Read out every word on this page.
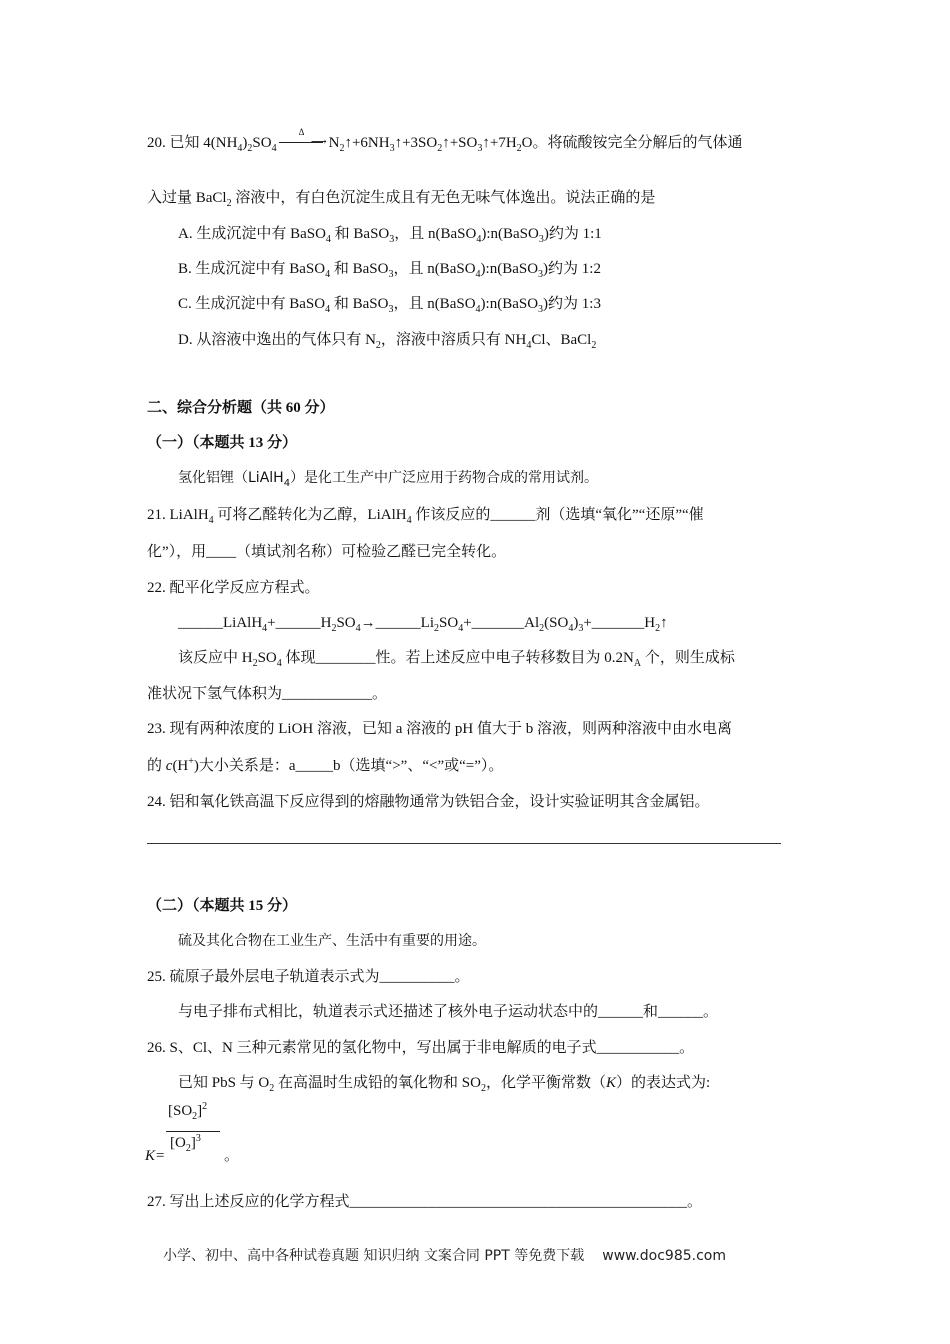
20. 已知 $4(NH_4)_2SO_4$
Δ
⟶ $N_2↑+6NH_3↑+3SO_2↑+SO_3↑+7H_2O$。将硫酸铵完全分解后的气体通
入过量 BaCl$_2$ 溶液中，有白色沉淀生成且有无色无味气体逸出。说法正确的是
A. 生成沉淀中有 BaSO$_4$ 和 BaSO$_3$，且 n(BaSO$_4$):n(BaSO$_3$)约为 1:1
B. 生成沉淀中有 BaSO$_4$ 和 BaSO$_3$，且 n(BaSO$_4$):n(BaSO$_3$)约为 1:2
C. 生成沉淀中有 BaSO$_4$ 和 BaSO$_3$，且 n(BaSO$_4$):n(BaSO$_3$)约为 1:3
D. 从溶液中逸出的气体只有 $N_2$，溶液中溶质只有 $NH_4Cl$、BaCl$_2$
二、综合分析题（共 60 分）
（一）（本题共 13 分）
氢化铝锂（LiAlH$_4$）是化工生产中广泛应用于药物合成的常用试剂。
21. LiAlH$_4$ 可将乙醛转化为乙醇，LiAlH$_4$ 作该反应的______剂（选填“氧化”“还原”“催
化”），用____（填试剂名称）可检验乙醛已完全转化。
22. 配平化学反应方程式。
$\_\_\_\_\_\_LiAlH_4+\_\_\_\_\_\_H_2SO_4\to\_\_\_\_\_\_Li_2SO_4+\_\_\_\_\_\_\_Al_2(SO_4)_3+\_\_\_\_\_\_\_H_2↑$
该反应中 $H_2SO_4$ 体现________性。若上述反应中电子转移数目为 $0.2N_A$ 个，则生成标
准状况下氢气体积为____________。
23. 现有两种浓度的 LiOH 溶液，已知 a 溶液的 pH 值大于 b 溶液，则两种溶液中由水电离
的 c(H+)大小关系是：a_____b（选填“>”、“<”或“=”）。
24. 铝和氧化铁高温下反应得到的熔融物通常为铁铝合金，设计实验证明其含金属铝。
（二）（本题共 15 分）
硫及其化合物在工业生产、生活中有重要的用途。
25. 硫原子最外层电子轨道表示式为__________。
与电子排布式相比，轨道表示式还描述了核外电子运动状态中的______和______。
26. S、Cl、N 三种元素常见的氢化物中，写出属于非电解质的电子式___________。
已知 PbS 与 $O_2$ 在高温时生成铅的氧化物和 $SO_2$，化学平衡常数（K）的表达式为:
$[SO_2]^2$
$[O_2]^3$
K=	。
27. 写出上述反应的化学方程式_____________________________________________。
小学、初中、高中各种试卷真题 知识归纳 文案合同 PPT 等免费下载 www.doc985.com
